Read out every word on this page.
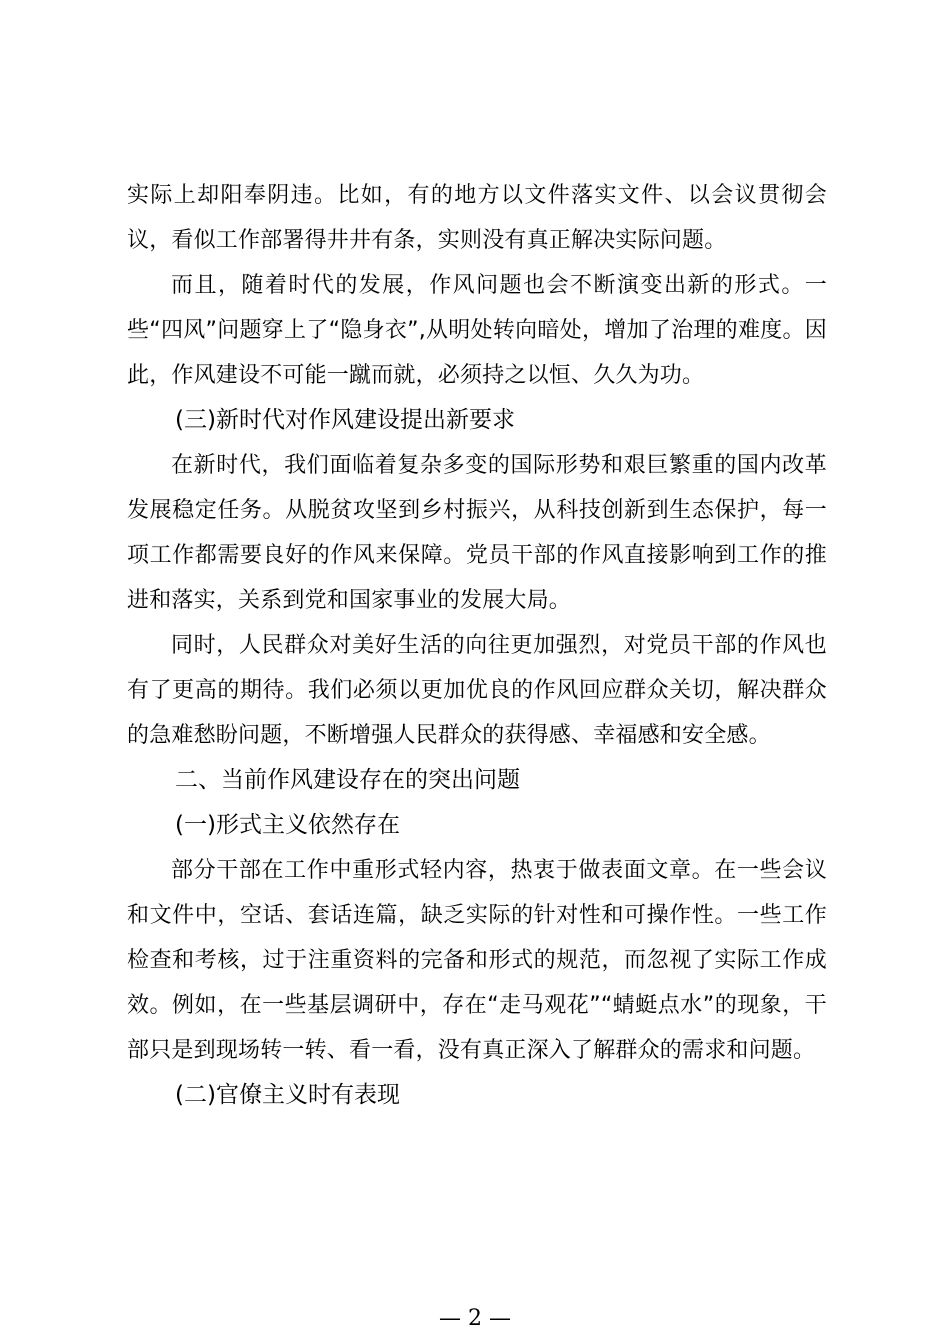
实际上却阳奉阴违。比如，有的地方以文件落实文件、以会议贯彻会议，看似工作部署得井井有条，实则没有真正解决实际问题。

而且，随着时代的发展，作风问题也会不断演变出新的形式。一些“四风”问题穿上了“隐身衣”,从明处转向暗处，增加了治理的难度。因此，作风建设不可能一蹴而就，必须持之以恒、久久为功。

(三)新时代对作风建设提出新要求

在新时代，我们面临着复杂多变的国际形势和艰巨繁重的国内改革发展稳定任务。从脱贫攻坚到乡村振兴，从科技创新到生态保护，每一项工作都需要良好的作风来保障。党员干部的作风直接影响到工作的推进和落实，关系到党和国家事业的发展大局。

同时，人民群众对美好生活的向往更加强烈，对党员干部的作风也有了更高的期待。我们必须以更加优良的作风回应群众关切，解决群众的急难愁盼问题，不断增强人民群众的获得感、幸福感和安全感。

二、当前作风建设存在的突出问题

(一)形式主义依然存在

部分干部在工作中重形式轻内容，热衷于做表面文章。在一些会议和文件中，空话、套话连篇，缺乏实际的针对性和可操作性。一些工作检查和考核，过于注重资料的完备和形式的规范，而忽视了实际工作成效。例如，在一些基层调研中，存在“走马观花”“蜻蜓点水”的现象，干部只是到现场转一转、看一看，没有真正深入了解群众的需求和问题。

(二)官僚主义时有表现

— 2 —
